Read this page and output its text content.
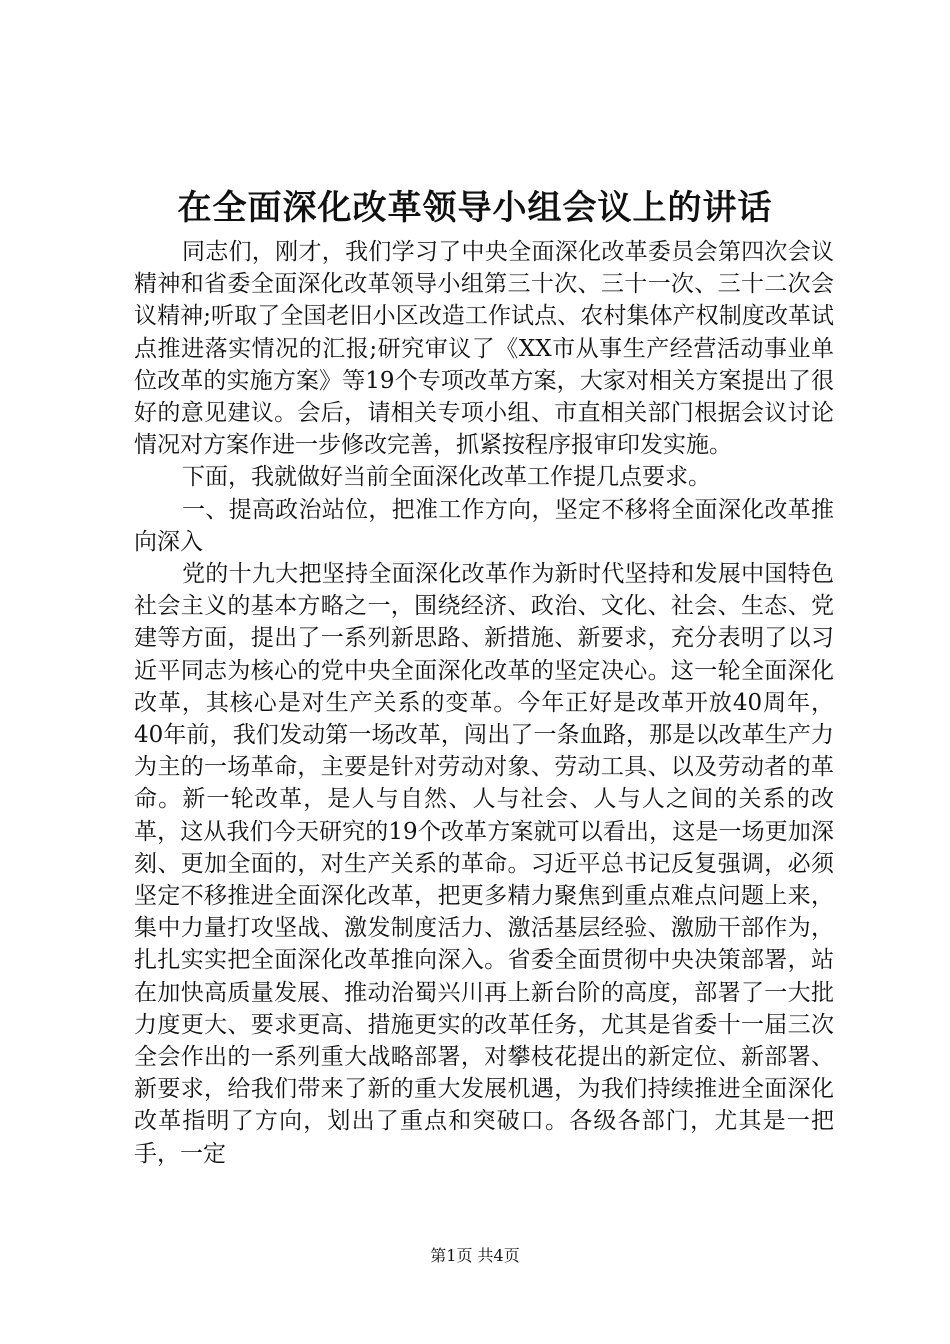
在全面深化改革领导小组会议上的讲话

同志们，刚才，我们学习了中央全面深化改革委员会第四次会议精神和省委全面深化改革领导小组第三十次、三十一次、三十二次会议精神;听取了全国老旧小区改造工作试点、农村集体产权制度改革试点推进落实情况的汇报;研究审议了《XX市从事生产经营活动事业单位改革的实施方案》等19个专项改革方案，大家对相关方案提出了很好的意见建议。会后，请相关专项小组、市直相关部门根据会议讨论情况对方案作进一步修改完善，抓紧按程序报审印发实施。

下面，我就做好当前全面深化改革工作提几点要求。

一、提高政治站位，把准工作方向，坚定不移将全面深化改革推向深入

党的十九大把坚持全面深化改革作为新时代坚持和发展中国特色社会主义的基本方略之一，围绕经济、政治、文化、社会、生态、党建等方面，提出了一系列新思路、新措施、新要求，充分表明了以习近平同志为核心的党中央全面深化改革的坚定决心。这一轮全面深化改革，其核心是对生产关系的变革。今年正好是改革开放40周年，40年前，我们发动第一场改革，闯出了一条血路，那是以改革生产力为主的一场革命，主要是针对劳动对象、劳动工具、以及劳动者的革命。新一轮改革，是人与自然、人与社会、人与人之间的关系的改革，这从我们今天研究的19个改革方案就可以看出，这是一场更加深刻、更加全面的，对生产关系的革命。习近平总书记反复强调，必须坚定不移推进全面深化改革，把更多精力聚焦到重点难点问题上来，集中力量打攻坚战、激发制度活力、激活基层经验、激励干部作为，扎扎实实把全面深化改革推向深入。省委全面贯彻中央决策部署，站在加快高质量发展、推动治蜀兴川再上新台阶的高度，部署了一大批力度更大、要求更高、措施更实的改革任务，尤其是省委十一届三次全会作出的一系列重大战略部署，对攀枝花提出的新定位、新部署、新要求，给我们带来了新的重大发展机遇，为我们持续推进全面深化改革指明了方向，划出了重点和突破口。各级各部门，尤其是一把手，一定

第1页 共4页
